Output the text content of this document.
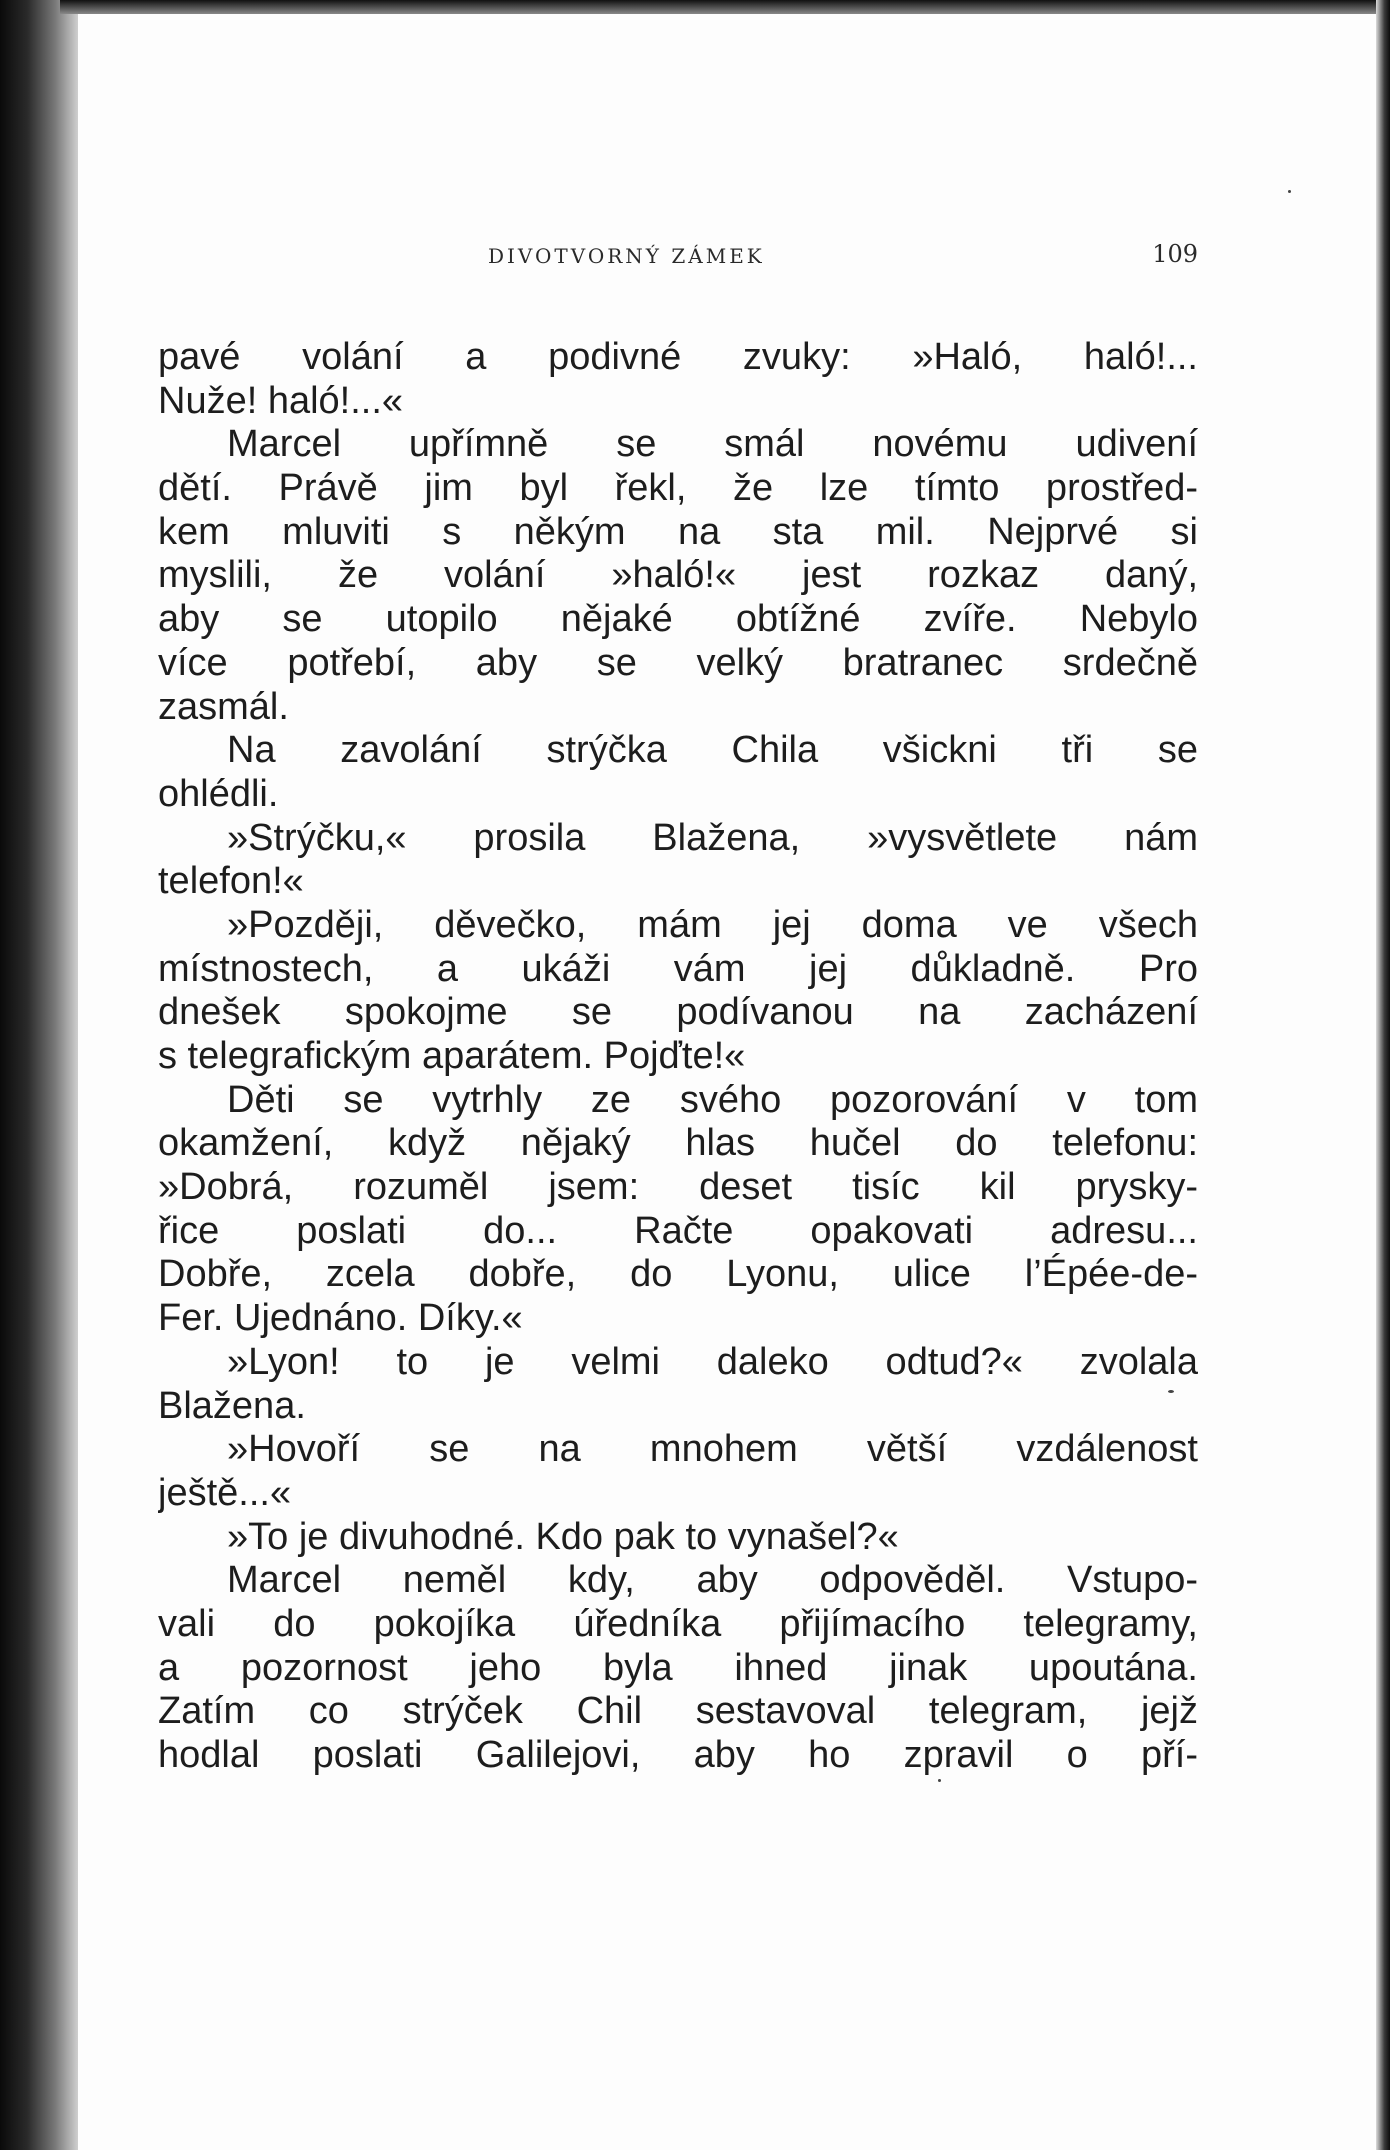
DIVOTVORNÝ ZÁMEK	109
pavé volání a podivné zvuky: »Haló, haló!...
Nuže! haló!...«
Marcel upřímně se smál novému udivení
dětí. Právě jim byl řekl, že lze tímto prostřed-
kem mluviti s někým na sta mil. Nejprvé si
myslili, že volání »haló!« jest rozkaz daný,
aby se utopilo nějaké obtížné zvíře. Nebylo
více potřebí, aby se velký bratranec srdečně
zasmál.
Na zavolání strýčka Chila všickni tři se
ohlédli.
»Strýčku,« prosila Blažena, »vysvětlete nám
telefon!«
»Později, děvečko, mám jej doma ve všech
místnostech, a ukáži vám jej důkladně. Pro
dnešek spokojme se podívanou na zacházení
s telegrafickým aparátem. Pojďte!«
Děti se vytrhly ze svého pozorování v tom
okamžení, když nějaký hlas hučel do telefonu:
»Dobrá, rozuměl jsem: deset tisíc kil prysky-
řice poslati do... Račte opakovati adresu...
Dobře, zcela dobře, do Lyonu, ulice l’Épée-de-
Fer. Ujednáno. Díky.«
»Lyon! to je velmi daleko odtud?« zvolala
Blažena.
»Hovoří se na mnohem větší vzdálenost
ještě...«
»To je divuhodné. Kdo pak to vynašel?«
Marcel neměl kdy, aby odpověděl. Vstupo-
vali do pokojíka úředníka přijímacího telegramy,
a pozornost jeho byla ihned jinak upoutána.
Zatím co strýček Chil sestavoval telegram, jejž
hodlal poslati Galilejovi, aby ho zpravil o pří-
